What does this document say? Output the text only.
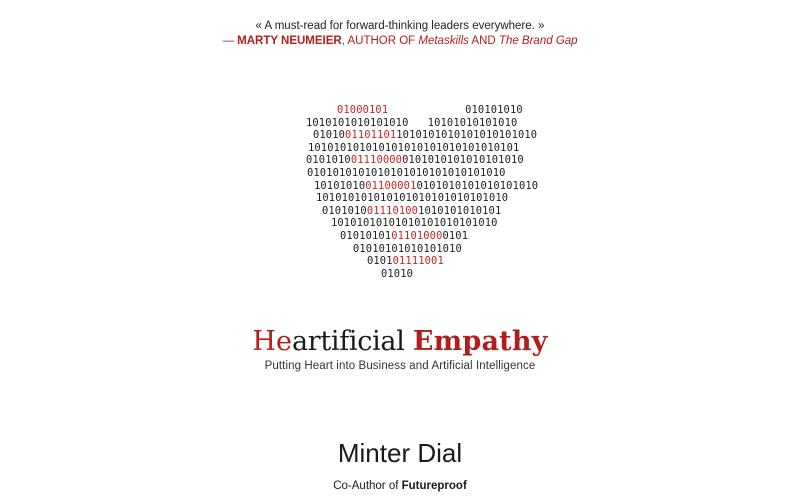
« A must-read for forward-thinking leaders everywhere. »
— MARTY NEUMEIER, AUTHOR OF Metaskills AND The Brand Gap
01000101	010101010
1010101010101010   10101010101010
01010011011011010101010101010101010
101010101010101010101010101010101
0101010011100000101010101010101010
0101010101010101010101010101010
10101010011000010101010101010101010
101010101010101010101010101010
0101010011101001010101010101
10101010101010101010101010
01010101011010000101
01010101010101010
010101111001
01010
Heartificial Empathy
Putting Heart into Business and Artificial Intelligence
Minter Dial
Co-Author of Futureproof
